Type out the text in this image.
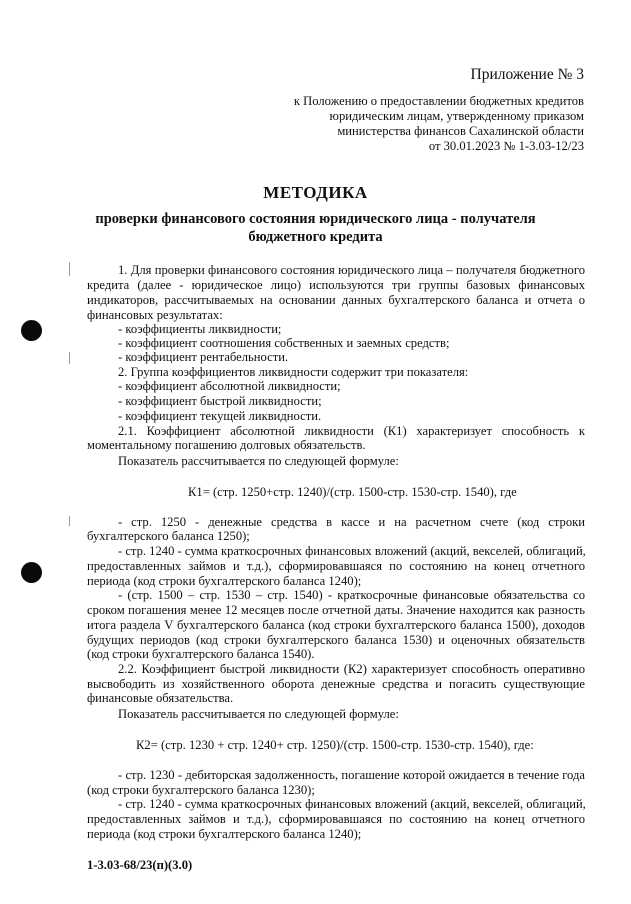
Приложение № 3
к Положению о предоставлении бюджетных кредитов
юридическим лицам, утвержденному приказом
министерства финансов Сахалинской области
от 30.01.2023 № 1-3.03-12/23
МЕТОДИКА
проверки финансового состояния юридического лица - получателя
бюджетного кредита
1. Для проверки финансового состояния юридического лица – получателя бюджетного
кредита (далее - юридическое лицо) используются три группы базовых финансовых
индикаторов, рассчитываемых на основании данных бухгалтерского баланса и отчета о
финансовых результатах:
- коэффициенты ликвидности;
- коэффициент соотношения собственных и заемных средств;
- коэффициент рентабельности.
2. Группа коэффициентов ликвидности содержит три показателя:
- коэффициент абсолютной ликвидности;
- коэффициент быстрой ликвидности;
- коэффициент текущей ликвидности.
2.1. Коэффициент абсолютной ликвидности (К1) характеризует способность к
моментальному погашению долговых обязательств.
Показатель рассчитывается по следующей формуле:
К1= (стр. 1250+стр. 1240)/(стр. 1500-стр. 1530-стр. 1540), где
- стр. 1250 - денежные средства в кассе и на расчетном счете (код строки
бухгалтерского баланса 1250);
- стр. 1240 - сумма краткосрочных финансовых вложений (акций, векселей, облигаций,
предоставленных займов и т.д.), сформировавшаяся по состоянию на конец отчетного
периода (код строки бухгалтерского баланса 1240);
- (стр. 1500 – стр. 1530 – стр. 1540) - краткосрочные финансовые обязательства со
сроком погашения менее 12 месяцев после отчетной даты. Значение находится как разность
итога раздела V бухгалтерского баланса (код строки бухгалтерского баланса 1500), доходов
будущих периодов (код строки бухгалтерского баланса 1530) и оценочных обязательств
(код строки бухгалтерского баланса 1540).
2.2. Коэффициент быстрой ликвидности (К2) характеризует способность оперативно
высвободить из хозяйственного оборота денежные средства и погасить существующие
финансовые обязательства.
Показатель рассчитывается по следующей формуле:
К2= (стр. 1230 + стр. 1240+ стр. 1250)/(стр. 1500-стр. 1530-стр. 1540), где:
- стр. 1230 - дебиторская задолженность, погашение которой ожидается в течение года
(код строки бухгалтерского баланса 1230);
- стр. 1240 - сумма краткосрочных финансовых вложений (акций, векселей, облигаций,
предоставленных займов и т.д.), сформировавшаяся по состоянию на конец отчетного
периода (код строки бухгалтерского баланса 1240);
1-3.03-68/23(п)(3.0)
